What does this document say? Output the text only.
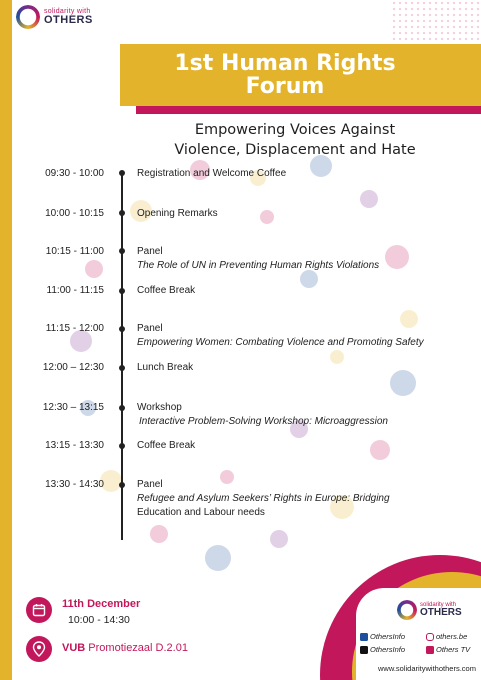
solidarity with
OTHERS
1st Human Rights
Forum
Empowering Voices Against
Violence, Displacement and Hate
09:30 - 10:00	Registration and Welcome Coffee
10:00 - 10:15	Opening Remarks
10:15 - 11:00	Panel
The Role of UN in Preventing Human Rights Violations
11:00 - 11:15	Coffee Break
11:15 - 12:00	Panel
Empowering Women: Combating Violence and Promoting Safety
12:00 – 12:30	Lunch Break
12:30 – 13:15	Workshop
Interactive Problem-Solving Workshop: Microaggression
13:15 - 13:30	Coffee Break
13:30 - 14:30	Panel
Refugee and Asylum Seekers’ Rights in Europe: Bridging
Education and Labour needs
11th December
10:00 - 14:30
VUB Promotiezaal D.2.01
solidarity with
OTHERS
OthersInfo
OthersInfo
others.be
Others TV
www.solidaritywithothers.com
